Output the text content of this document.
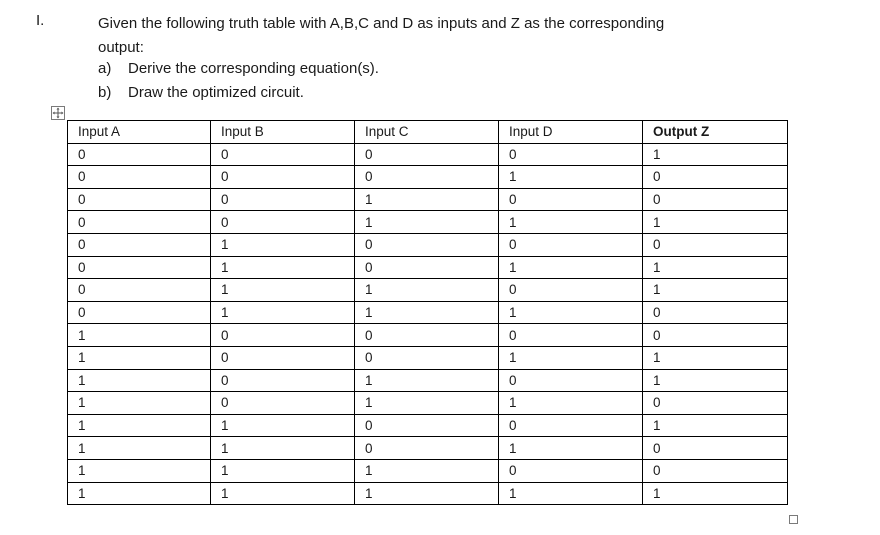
I.	Given the following truth table with A,B,C and D as inputs and Z as the corresponding
output:
a) Derive the corresponding equation(s).
b) Draw the optimized circuit.
Input A	Input B	Input C	Input D	Output Z
0	0	0	0	1
0	0	0	1	0
0	0	1	0	0
0	0	1	1	1
0	1	0	0	0
0	1	0	1	1
0	1	1	0	1
0	1	1	1	0
1	0	0	0	0
1	0	0	1	1
1	0	1	0	1
1	0	1	1	0
1	1	0	0	1
1	1	0	1	0
1	1	1	0	0
1	1	1	1	1
